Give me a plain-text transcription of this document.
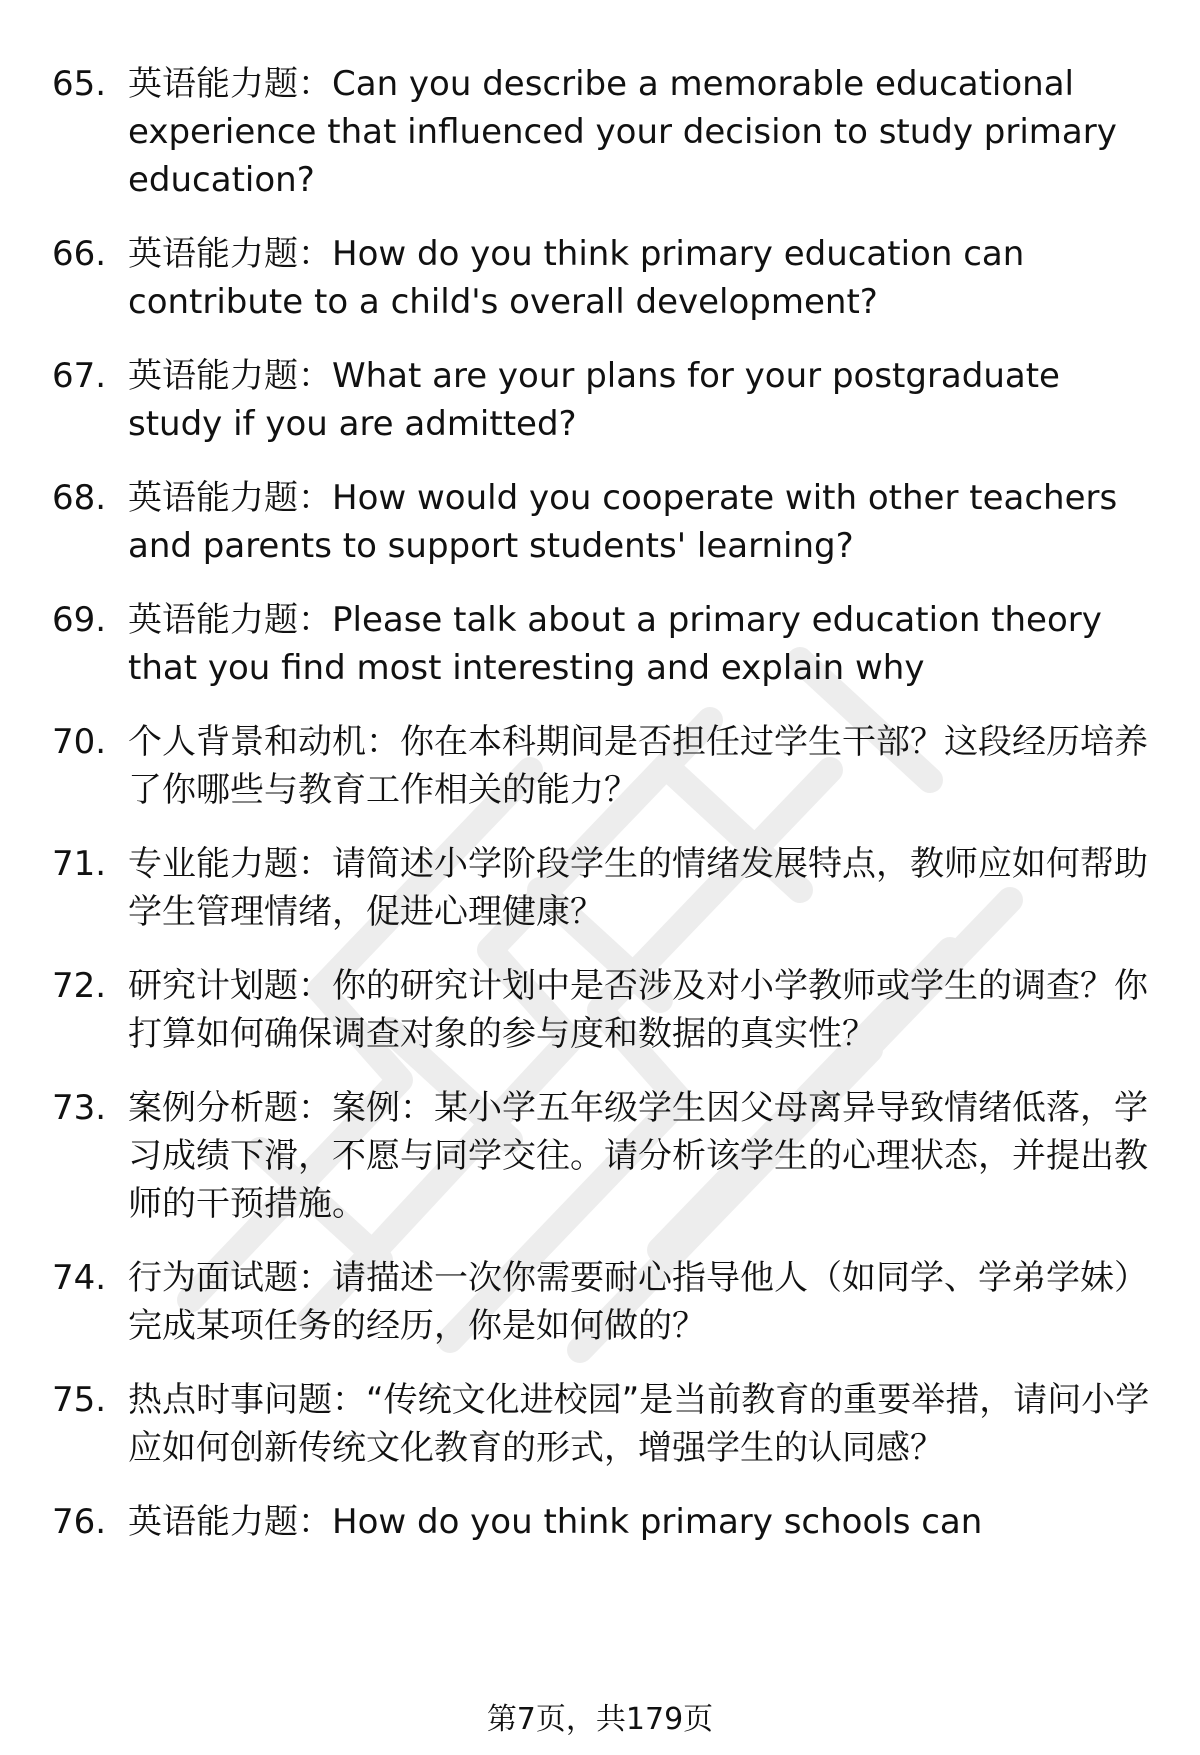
65. 英语能力题：Can you describe a memorable educational experience that influenced your decision to study primary education?
66. 英语能力题：How do you think primary education can contribute to a child's overall development?
67. 英语能力题：What are your plans for your postgraduate study if you are admitted?
68. 英语能力题：How would you cooperate with other teachers and parents to support students' learning?
69. 英语能力题：Please talk about a primary education theory that you find most interesting and explain why
70. 个人背景和动机：你在本科期间是否担任过学生干部？这段经历培养了你哪些与教育工作相关的能力？
71. 专业能力题：请简述小学阶段学生的情绪发展特点，教师应如何帮助学生管理情绪，促进心理健康？
72. 研究计划题：你的研究计划中是否涉及对小学教师或学生的调查？你打算如何确保调查对象的参与度和数据的真实性？
73. 案例分析题：案例：某小学五年级学生因父母离异导致情绪低落，学习成绩下滑，不愿与同学交往。请分析该学生的心理状态，并提出教师的干预措施。
74. 行为面试题：请描述一次你需要耐心指导他人（如同学、学弟学妹）完成某项任务的经历，你是如何做的？
75. 热点时事问题：“传统文化进校园”是当前教育的重要举措，请问小学应如何创新传统文化教育的形式，增强学生的认同感？
76. 英语能力题：How do you think primary schools can
第7页，共179页
